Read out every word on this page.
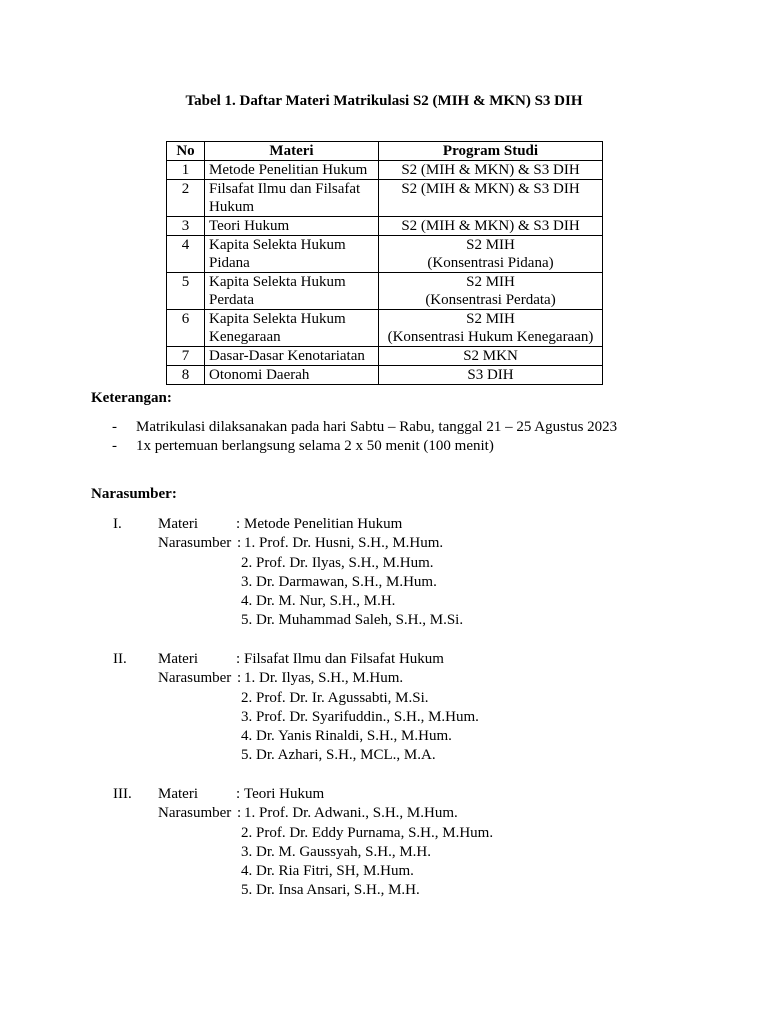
Tabel 1. Daftar Materi Matrikulasi S2 (MIH & MKN) S3 DIH
No	Materi	Program Studi
1	Metode Penelitian Hukum	S2 (MIH & MKN) & S3 DIH
2	Filsafat Ilmu dan Filsafat Hukum	S2 (MIH & MKN) & S3 DIH
3	Teori Hukum	S2 (MIH & MKN) & S3 DIH
4	Kapita Selekta Hukum Pidana	S2 MIH
(Konsentrasi Pidana)

5	Kapita Selekta Hukum Perdata	S2 MIH
(Konsentrasi Perdata)

6	Kapita Selekta Hukum Kenegaraan	S2 MIH
(Konsentrasi Hukum Kenegaraan)

7	Dasar-Dasar Kenotariatan	S2 MKN
8	Otonomi Daerah	S3 DIH
Keterangan:
- Matrikulasi dilaksanakan pada hari Sabtu – Rabu, tanggal 21 – 25 Agustus 2023
- 1x pertemuan berlangsung selama 2 x 50 menit (100 menit)
Narasumber:
I. Materi	: Metode Penelitian Hukum
Narasumber : 1. Prof. Dr. Husni, S.H., M.Hum.
2. Prof. Dr. Ilyas, S.H., M.Hum.
3. Dr. Darmawan, S.H., M.Hum.
4. Dr. M. Nur, S.H., M.H.
5. Dr. Muhammad Saleh, S.H., M.Si.
II. Materi	: Filsafat Ilmu dan Filsafat Hukum
Narasumber : 1. Dr. Ilyas, S.H., M.Hum.
2. Prof. Dr. Ir. Agussabti, M.Si.
3. Prof. Dr. Syarifuddin., S.H., M.Hum.
4. Dr. Yanis Rinaldi, S.H., M.Hum.
5. Dr. Azhari, S.H., MCL., M.A.
III. Materi	: Teori Hukum
Narasumber : 1. Prof. Dr. Adwani., S.H., M.Hum.
2. Prof. Dr. Eddy Purnama, S.H., M.Hum.
3. Dr. M. Gaussyah, S.H., M.H.
4. Dr. Ria Fitri, SH, M.Hum.
5. Dr. Insa Ansari, S.H., M.H.
